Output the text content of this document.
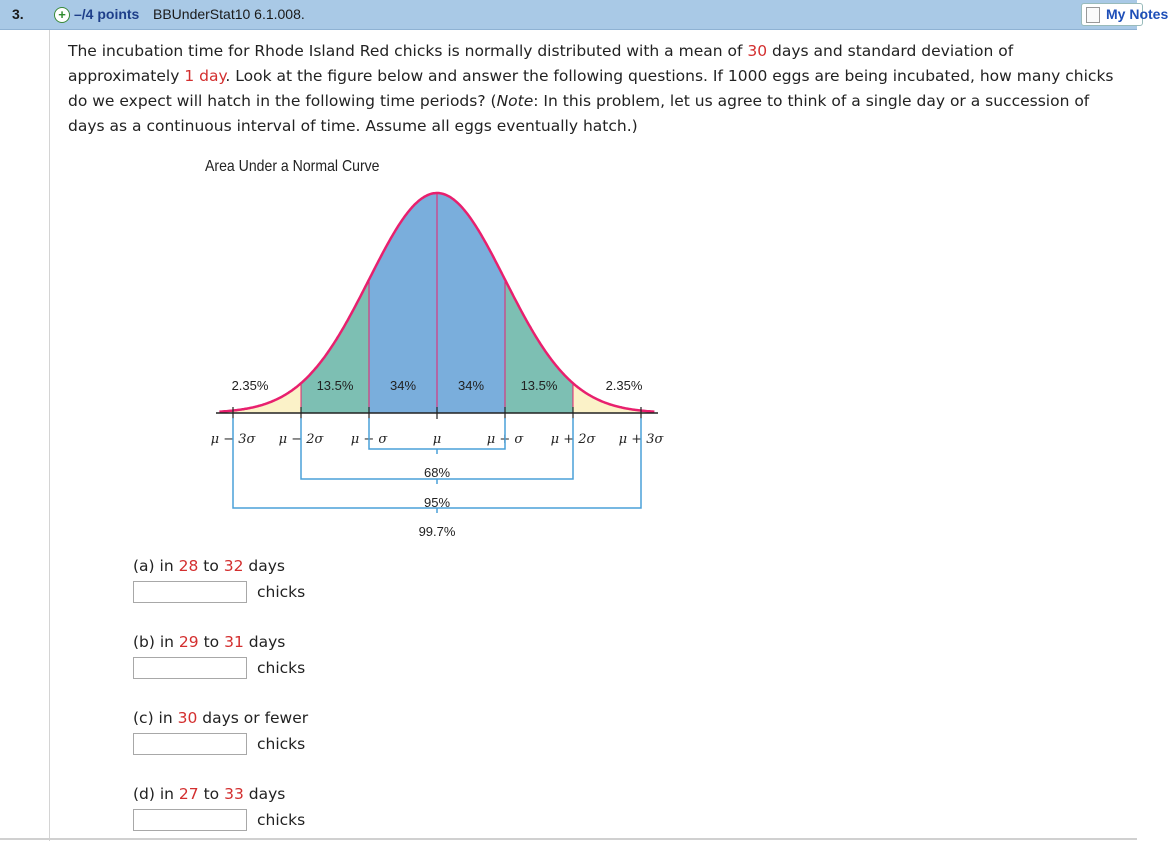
3.	+ –/4 points BBUnderStat10 6.1.008.	My Notes
The incubation time for Rhode Island Red chicks is normally distributed with a mean of 30 days and standard deviation of approximately 1 day. Look at the figure below and answer the following questions. If 1000 eggs are being incubated, how many chicks do we expect will hatch in the following time periods? (Note: In this problem, let us agree to think of a single day or a succession of days as a continuous interval of time. Assume all eggs eventually hatch.)
Area Under a Normal Curve
2.35%	13.5%	34%	34%	13.5%	2.35%
μ − 3σ μ − 2σ μ − σ	μ	μ + σ μ + 2σ μ + 3σ
68%
95%
99.7%
(a) in 28 to 32 days
chicks
(b) in 29 to 31 days
chicks
(c) in 30 days or fewer
chicks
(d) in 27 to 33 days
chicks
